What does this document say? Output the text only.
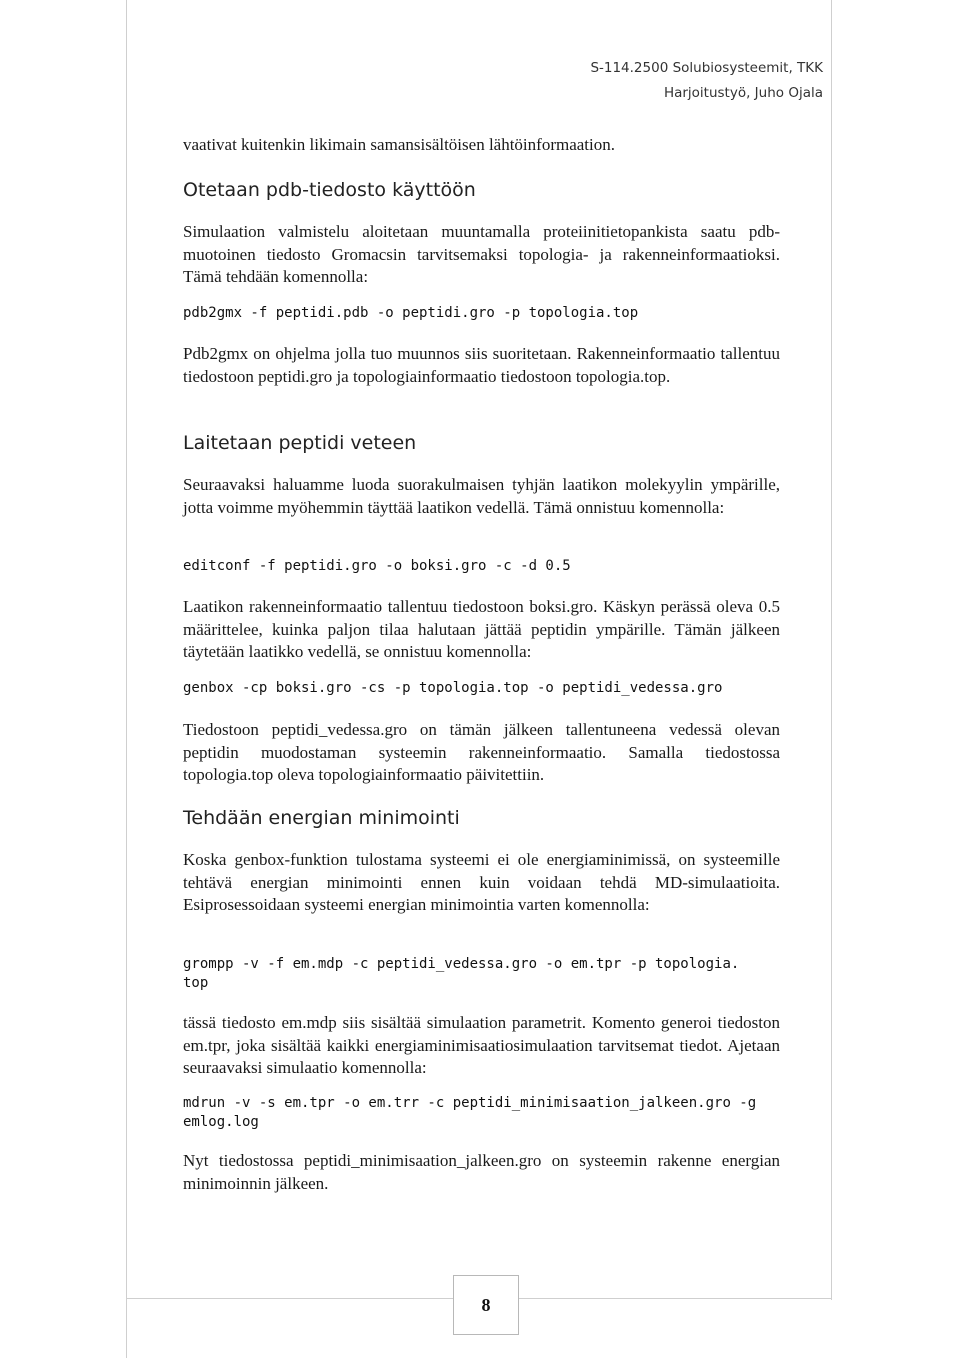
S-114.2500 Solubiosysteemit, TKK
Harjoitustyö, Juho Ojala

vaativat kuitenkin likimain samansisältöisen lähtöinformaation.

Otetaan pdb-tiedosto käyttöön

Simulaation valmistelu aloitetaan muuntamalla proteiinitietopankista saatu pdb-muotoinen tiedosto Gromacsin tarvitsemaksi topologia- ja rakenneinformaatioksi. Tämä tehdään komennolla:

pdb2gmx -f peptidi.pdb -o peptidi.gro -p topologia.top

Pdb2gmx on ohjelma jolla tuo muunnos siis suoritetaan. Rakenneinformaatio tallentuu tiedostoon peptidi.gro ja topologiainformaatio tiedostoon topologia.top.

Laitetaan peptidi veteen

Seuraavaksi haluamme luoda suorakulmaisen tyhjän laatikon molekyylin ympärille, jotta voimme myöhemmin täyttää laatikon vedellä. Tämä onnistuu komennolla:

editconf -f peptidi.gro -o boksi.gro -c -d 0.5

Laatikon rakenneinformaatio tallentuu tiedostoon boksi.gro. Käskyn perässä oleva 0.5 määrittelee, kuinka paljon tilaa halutaan jättää peptidin ympärille. Tämän jälkeen täytetään laatikko vedellä, se onnistuu komennolla:

genbox -cp boksi.gro -cs -p topologia.top -o peptidi_vedessa.gro

Tiedostoon peptidi_vedessa.gro on tämän jälkeen tallentuneena vedessä olevan peptidin muodostaman systeemin rakenneinformaatio. Samalla tiedostossa topologia.top oleva topologiainformaatio päivitettiin.

Tehdään energian minimointi

Koska genbox-funktion tulostama systeemi ei ole energiaminimissä, on systeemille tehtävä energian minimointi ennen kuin voidaan tehdä MD-simulaatioita. Esiprosessoidaan systeemi energian minimointia varten komennolla:

grompp -v -f em.mdp -c peptidi_vedessa.gro -o em.tpr -p topologia.
top

tässä tiedosto em.mdp siis sisältää simulaation parametrit. Komento generoi tiedoston em.tpr, joka sisältää kaikki energiaminimisaatiosimulaation tarvitsemat tiedot. Ajetaan seuraavaksi simulaatio komennolla:

mdrun -v -s em.tpr -o em.trr -c peptidi_minimisaation_jalkeen.gro -g
emlog.log

Nyt tiedostossa peptidi_minimisaation_jalkeen.gro on systeemin rakenne energian minimoinnin jälkeen.

8
